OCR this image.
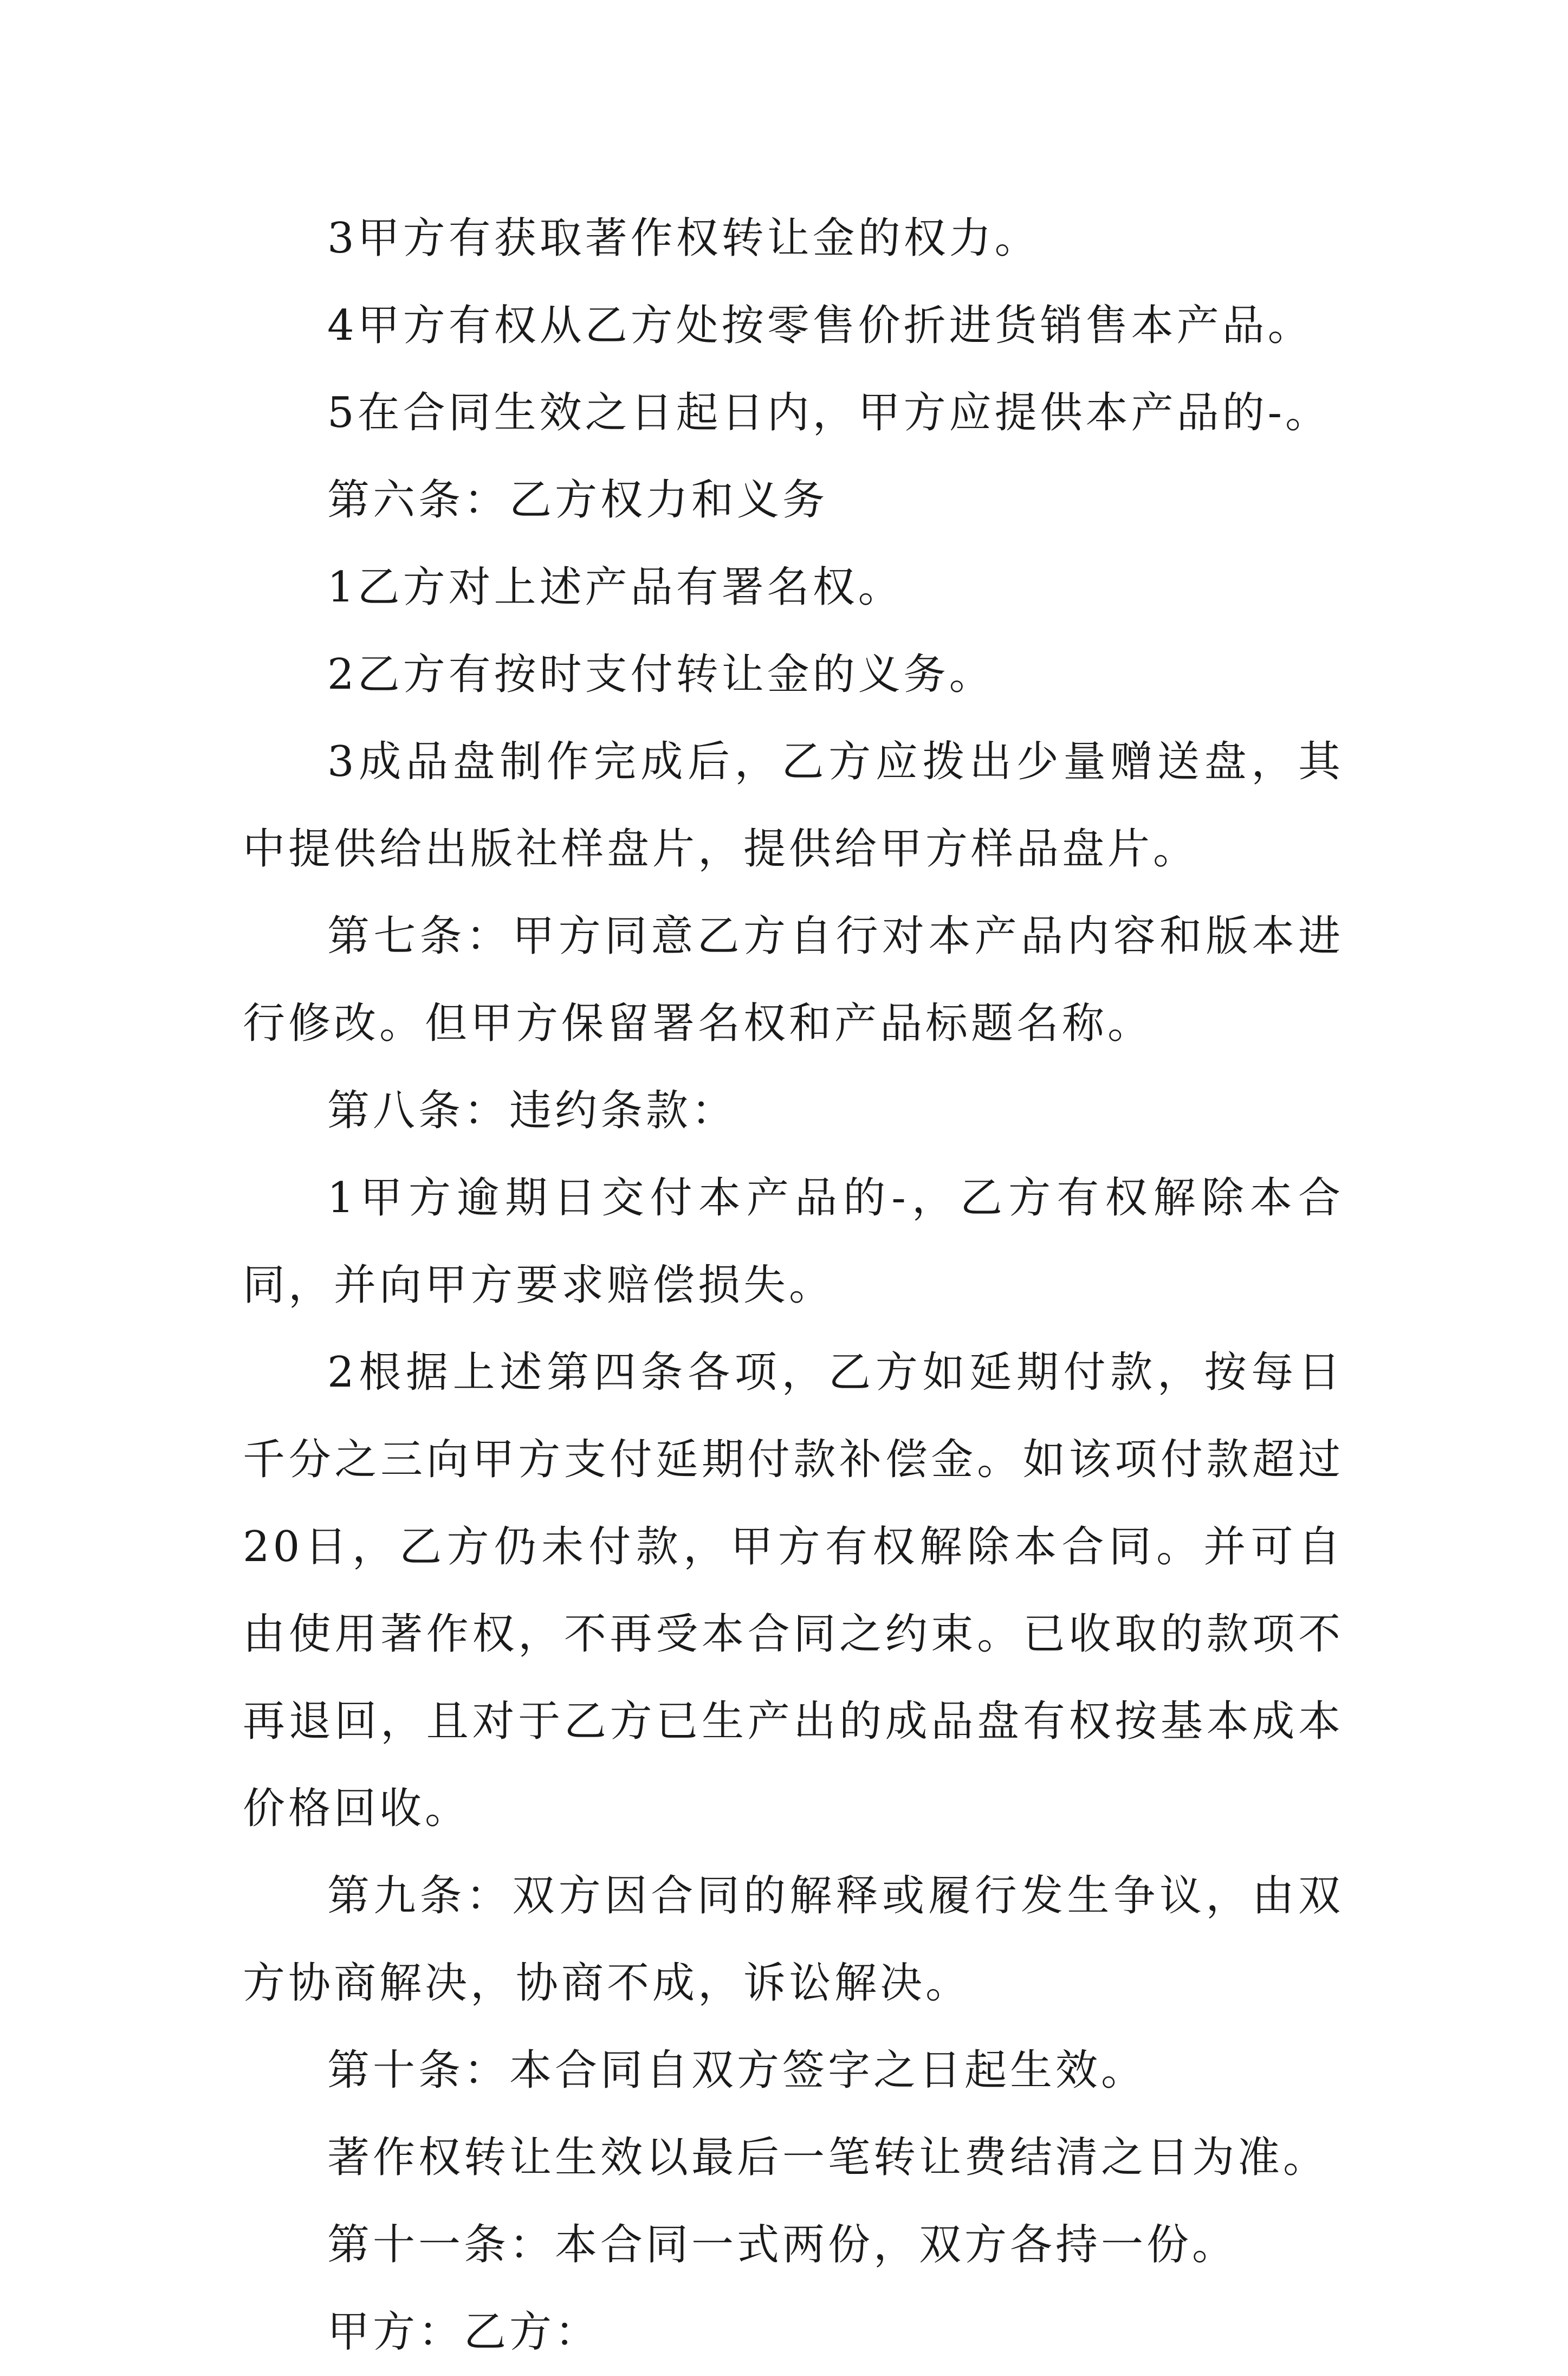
3甲方有获取著作权转让金的权力。

4甲方有权从乙方处按零售价折进货销售本产品。

5在合同生效之日起日内，甲方应提供本产品的-。

第六条：乙方权力和义务

1乙方对上述产品有署名权。

2乙方有按时支付转让金的义务。

3成品盘制作完成后，乙方应拨出少量赠送盘，其中提供给出版社样盘片，提供给甲方样品盘片。

第七条：甲方同意乙方自行对本产品内容和版本进行修改。但甲方保留署名权和产品标题名称。

第八条：违约条款：

1甲方逾期日交付本产品的-，乙方有权解除本合同，并向甲方要求赔偿损失。

2根据上述第四条各项，乙方如延期付款，按每日千分之三向甲方支付延期付款补偿金。如该项付款超过20日，乙方仍未付款，甲方有权解除本合同。并可自由使用著作权，不再受本合同之约束。已收取的款项不再退回，且对于乙方已生产出的成品盘有权按基本成本价格回收。

第九条：双方因合同的解释或履行发生争议，由双方协商解决，协商不成，诉讼解决。

第十条：本合同自双方签字之日起生效。

著作权转让生效以最后一笔转让费结清之日为准。

第十一条：本合同一式两份，双方各持一份。

甲方：乙方：
